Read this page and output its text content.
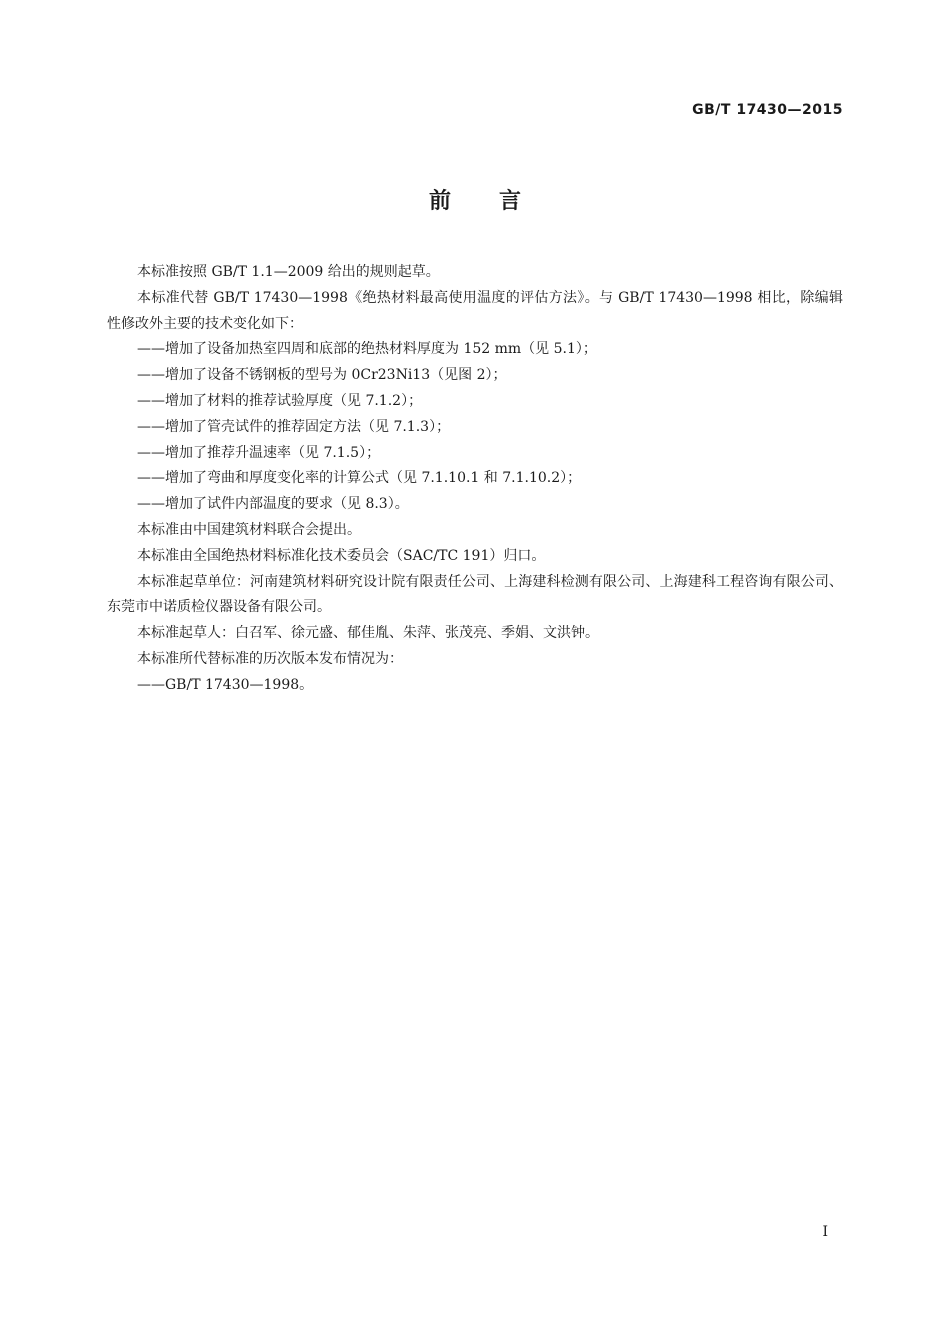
GB/T 17430—2015
前言

本标准按照 GB/T 1.1—2009 给出的规则起草。

本标准代替 GB/T 17430—1998《绝热材料最高使用温度的评估方法》。与 GB/T 17430—1998 相比，除编辑性修改外主要的技术变化如下：

——增加了设备加热室四周和底部的绝热材料厚度为 152 mm（见 5.1）；

——增加了设备不锈钢板的型号为 0Cr23Ni13（见图 2）；

——增加了材料的推荐试验厚度（见 7.1.2）；

——增加了管壳试件的推荐固定方法（见 7.1.3）；

——增加了推荐升温速率（见 7.1.5）；

——增加了弯曲和厚度变化率的计算公式（见 7.1.10.1 和 7.1.10.2）；

——增加了试件内部温度的要求（见 8.3）。

本标准由中国建筑材料联合会提出。

本标准由全国绝热材料标准化技术委员会（SAC/TC 191）归口。

本标准起草单位：河南建筑材料研究设计院有限责任公司、上海建科检测有限公司、上海建科工程咨询有限公司、东莞市中诺质检仪器设备有限公司。

本标准起草人：白召军、徐元盛、郁佳胤、朱萍、张茂亮、季娟、文洪钟。

本标准所代替标准的历次版本发布情况为：

——GB/T 17430—1998。

I
